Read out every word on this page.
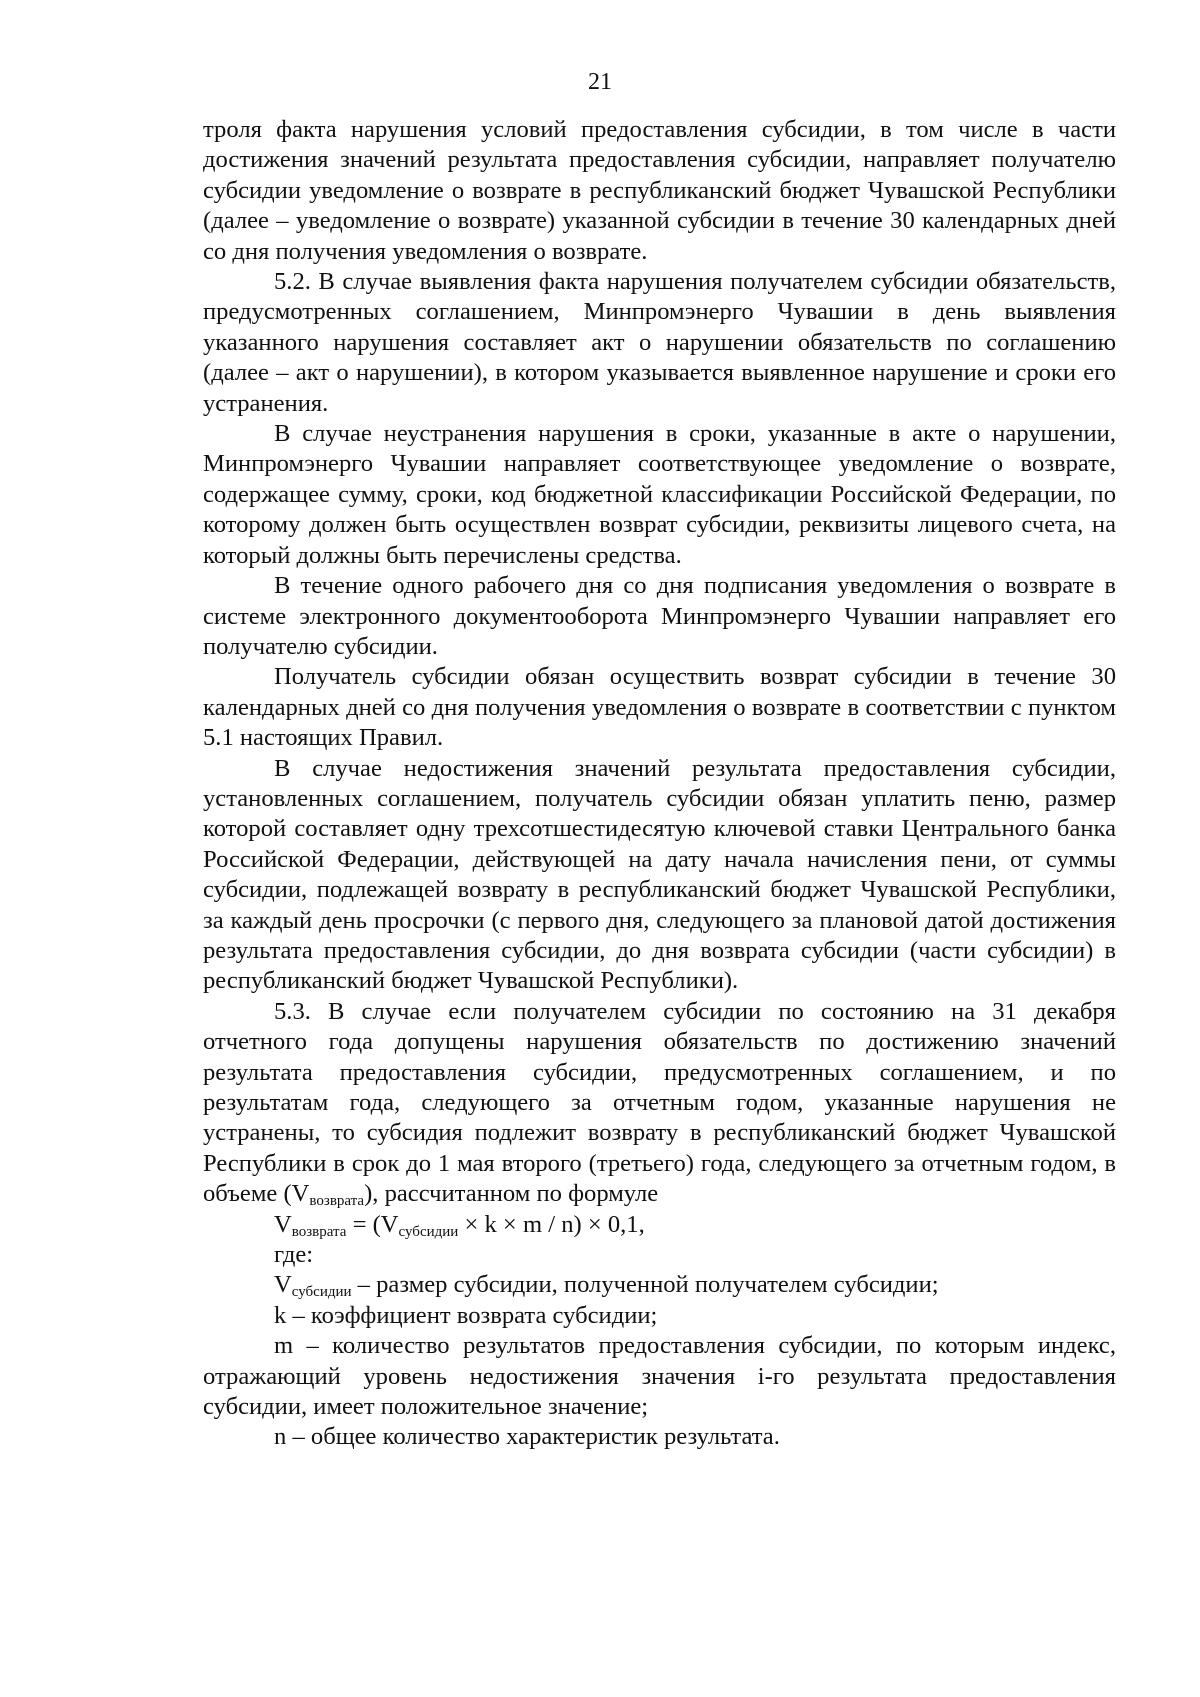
21

троля факта нарушения условий предоставления субсидии, в том числе в части достижения значений результата предоставления субсидии, направляет получателю субсидии уведомление о возврате в республиканский бюджет Чувашской Республики (далее – уведомление о возврате) указанной субсидии в течение 30 календарных дней со дня получения уведомления о возврате.

5.2. В случае выявления факта нарушения получателем субсидии обязательств, предусмотренных соглашением, Минпромэнерго Чувашии в день выявления указанного нарушения составляет акт о нарушении обязательств по соглашению (далее – акт о нарушении), в котором указывается выявленное нарушение и сроки его устранения.

В случае неустранения нарушения в сроки, указанные в акте о нарушении, Минпромэнерго Чувашии направляет соответствующее уведомление о возврате, содержащее сумму, сроки, код бюджетной классификации Российской Федерации, по которому должен быть осуществлен возврат субсидии, реквизиты лицевого счета, на который должны быть перечислены средства.

В течение одного рабочего дня со дня подписания уведомления о возврате в системе электронного документооборота Минпромэнерго Чувашии направляет его получателю субсидии.

Получатель субсидии обязан осуществить возврат субсидии в течение 30 календарных дней со дня получения уведомления о возврате в соответствии с пунктом 5.1 настоящих Правил.

В случае недостижения значений результата предоставления субсидии, установленных соглашением, получатель субсидии обязан уплатить пеню, размер которой составляет одну трехсотшестидесятую ключевой ставки Центрального банка Российской Федерации, действующей на дату начала начисления пени, от суммы субсидии, подлежащей возврату в республиканский бюджет Чувашской Республики, за каждый день просрочки (с первого дня, следующего за плановой датой достижения результата предоставления субсидии, до дня возврата субсидии (части субсидии) в республиканский бюджет Чувашской Республики).

5.3. В случае если получателем субсидии по состоянию на 31 декабря отчетного года допущены нарушения обязательств по достижению значений результата предоставления субсидии, предусмотренных соглашением, и по результатам года, следующего за отчетным годом, указанные нарушения не устранены, то субсидия подлежит возврату в республиканский бюджет Чувашской Республики в срок до 1 мая второго (третьего) года, следующего за отчетным годом, в объеме $(V_{возврата})$, рассчитанном по формуле

$V_{возврата} = (V_{субсидии} \times k \times m / n) \times 0,1$,

где:

$V_{субсидии}$ – размер субсидии, полученной получателем субсидии;

k – коэффициент возврата субсидии;

m – количество результатов предоставления субсидии, по которым индекс, отражающий уровень недостижения значения i-го результата предоставления субсидии, имеет положительное значение;

n – общее количество характеристик результата.
